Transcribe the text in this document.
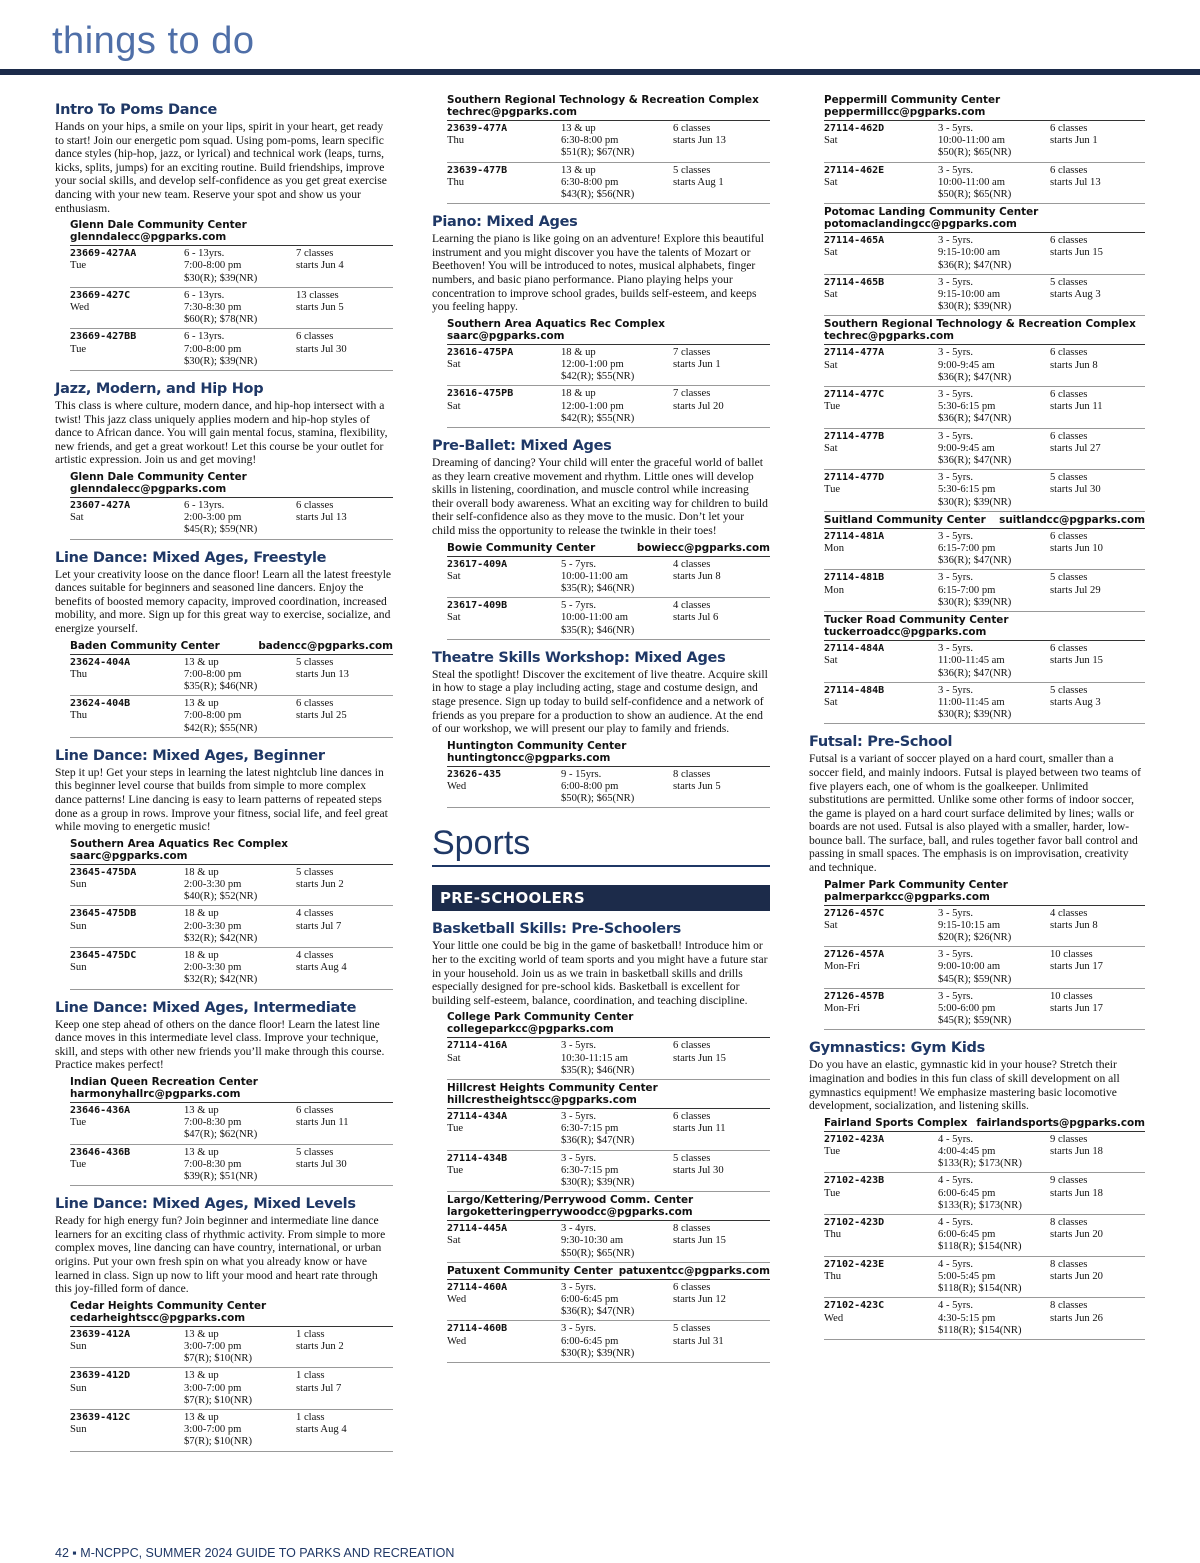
things to do
Intro To Poms Dance

Hands on your hips, a smile on your lips, spirit in your heart, get ready to start! Join our energetic pom squad. Using pom-poms, learn specific dance styles (hip-hop, jazz, or lyrical) and technical work (leaps, turns, kicks, splits, jumps) for an exciting routine. Build friendships, improve your social skills, and develop self-confidence as you get great exercise dancing with your new team. Reserve your spot and show us your enthusiasm.

Glenn Dale Community Center
glenndalecc@pgparks.com
23669-427AA
Tue
6 - 13yrs.
7:00-8:00 pm
$30(R); $39(NR)
7 classes
starts Jun 4
23669-427C
Wed
6 - 13yrs.
7:30-8:30 pm
$60(R); $78(NR)
13 classes
starts Jun 5
23669-427BB
Tue
6 - 13yrs.
7:00-8:00 pm
$30(R); $39(NR)
6 classes
starts Jul 30
Jazz, Modern, and Hip Hop

This class is where culture, modern dance, and hip-hop intersect with a twist! This jazz class uniquely applies modern and hip-hop styles of dance to African dance. You will gain mental focus, stamina, flexibility, new friends, and get a great workout! Let this course be your outlet for artistic expression. Join us and get moving!

Glenn Dale Community Center
glenndalecc@pgparks.com
23607-427A
Sat
6 - 13yrs.
2:00-3:00 pm
$45(R); $59(NR)
6 classes
starts Jul 13
Line Dance: Mixed Ages, Freestyle

Let your creativity loose on the dance floor! Learn all the latest freestyle dances suitable for beginners and seasoned line dancers. Enjoy the benefits of boosted memory capacity, improved coordination, increased mobility, and more. Sign up for this great way to exercise, socialize, and energize yourself.

Baden Community Center	badencc@pgparks.com
23624-404A
Thu
13 & up
7:00-8:00 pm
$35(R); $46(NR)
5 classes
starts Jun 13
23624-404B
Thu
13 & up
7:00-8:00 pm
$42(R); $55(NR)
6 classes
starts Jul 25
Line Dance: Mixed Ages, Beginner

Step it up! Get your steps in learning the latest nightclub line dances in this beginner level course that builds from simple to more complex dance patterns! Line dancing is easy to learn patterns of repeated steps done as a group in rows. Improve your fitness, social life, and feel great while moving to energetic music!

Southern Area Aquatics Rec Complex
saarc@pgparks.com
23645-475DA
Sun
18 & up
2:00-3:30 pm
$40(R); $52(NR)
5 classes
starts Jun 2
23645-475DB
Sun
18 & up
2:00-3:30 pm
$32(R); $42(NR)
4 classes
starts Jul 7
23645-475DC
Sun
18 & up
2:00-3:30 pm
$32(R); $42(NR)
4 classes
starts Aug 4
Line Dance: Mixed Ages, Intermediate

Keep one step ahead of others on the dance floor! Learn the latest line dance moves in this intermediate level class. Improve your technique, skill, and steps with other new friends you’ll make through this course. Practice makes perfect!

Indian Queen Recreation Center
harmonyhallrc@pgparks.com
23646-436A
Tue
13 & up
7:00-8:30 pm
$47(R); $62(NR)
6 classes
starts Jun 11
23646-436B
Tue
13 & up
7:00-8:30 pm
$39(R); $51(NR)
5 classes
starts Jul 30
Line Dance: Mixed Ages, Mixed Levels

Ready for high energy fun? Join beginner and intermediate line dance learners for an exciting class of rhythmic activity. From simple to more complex moves, line dancing can have country, international, or urban origins. Put your own fresh spin on what you already know or have learned in class. Sign up now to lift your mood and heart rate through this joy-filled form of dance.

Cedar Heights Community Center
cedarheightscc@pgparks.com
23639-412A
Sun
13 & up
3:00-7:00 pm
$7(R); $10(NR)
1 class
starts Jun 2
23639-412D
Sun
13 & up
3:00-7:00 pm
$7(R); $10(NR)
1 class
starts Jul 7
23639-412C
Sun
13 & up
3:00-7:00 pm
$7(R); $10(NR)
1 class
starts Aug 4
Southern Regional Technology & Recreation Complex
techrec@pgparks.com
23639-477A
Thu
13 & up
6:30-8:00 pm
$51(R); $67(NR)
6 classes
starts Jun 13
23639-477B
Thu
13 & up
6:30-8:00 pm
$43(R); $56(NR)
5 classes
starts Aug 1
Piano: Mixed Ages

Learning the piano is like going on an adventure! Explore this beautiful instrument and you might discover you have the talents of Mozart or Beethoven! You will be introduced to notes, musical alphabets, finger numbers, and basic piano performance. Piano playing helps your concentration to improve school grades, builds self-esteem, and keeps you feeling happy.

Southern Area Aquatics Rec Complex
saarc@pgparks.com
23616-475PA
Sat
18 & up
12:00-1:00 pm
$42(R); $55(NR)
7 classes
starts Jun 1
23616-475PB
Sat
18 & up
12:00-1:00 pm
$42(R); $55(NR)
7 classes
starts Jul 20
Pre-Ballet: Mixed Ages

Dreaming of dancing? Your child will enter the graceful world of ballet as they learn creative movement and rhythm. Little ones will develop skills in listening, coordination, and muscle control while increasing their overall body awareness. What an exciting way for children to build their self-confidence also as they move to the music. Don’t let your child miss the opportunity to release the twinkle in their toes!

Bowie Community Center	bowiecc@pgparks.com
23617-409A
Sat
5 - 7yrs.
10:00-11:00 am
$35(R); $46(NR)
4 classes
starts Jun 8
23617-409B
Sat
5 - 7yrs.
10:00-11:00 am
$35(R); $46(NR)
4 classes
starts Jul 6
Theatre Skills Workshop: Mixed Ages

Steal the spotlight! Discover the excitement of live theatre. Acquire skill in how to stage a play including acting, stage and costume design, and stage presence. Sign up today to build self-confidence and a network of friends as you prepare for a production to show an audience. At the end of our workshop, we will present our play to family and friends.

Huntington Community Center
huntingtoncc@pgparks.com
23626-435
Wed
9 - 15yrs.
6:00-8:00 pm
$50(R); $65(NR)
8 classes
starts Jun 5
Sports
PRE-SCHOOLERS
Basketball Skills: Pre-Schoolers

Your little one could be big in the game of basketball! Introduce him or her to the exciting world of team sports and you might have a future star in your household. Join us as we train in basketball skills and drills especially designed for pre-school kids. Basketball is excellent for building self-esteem, balance, coordination, and teaching discipline.

College Park Community Center
collegeparkcc@pgparks.com
27114-416A
Sat
3 - 5yrs.
10:30-11:15 am
$35(R); $46(NR)
6 classes
starts Jun 15
Hillcrest Heights Community Center
hillcrestheightscc@pgparks.com
27114-434A
Tue
3 - 5yrs.
6:30-7:15 pm
$36(R); $47(NR)
6 classes
starts Jun 11
27114-434B
Tue
3 - 5yrs.
6:30-7:15 pm
$30(R); $39(NR)
5 classes
starts Jul 30
Largo/Kettering/Perrywood Comm. Center
largoketteringperrywoodcc@pgparks.com
27114-445A
Sat
3 - 4yrs.
9:30-10:30 am
$50(R); $65(NR)
8 classes
starts Jun 15
Patuxent Community Center patuxentcc@pgparks.com
27114-460A
Wed
3 - 5yrs.
6:00-6:45 pm
$36(R); $47(NR)
6 classes
starts Jun 12
27114-460B
Wed
3 - 5yrs.
6:00-6:45 pm
$30(R); $39(NR)
5 classes
starts Jul 31
Peppermill Community Center
peppermillcc@pgparks.com
27114-462D
Sat
3 - 5yrs.
10:00-11:00 am
$50(R); $65(NR)
6 classes
starts Jun 1
27114-462E
Sat
3 - 5yrs.
10:00-11:00 am
$50(R); $65(NR)
6 classes
starts Jul 13
Potomac Landing Community Center
potomaclandingcc@pgparks.com
27114-465A
Sat
3 - 5yrs.
9:15-10:00 am
$36(R); $47(NR)
6 classes
starts Jun 15
27114-465B
Sat
3 - 5yrs.
9:15-10:00 am
$30(R); $39(NR)
5 classes
starts Aug 3
Southern Regional Technology & Recreation Complex
techrec@pgparks.com
27114-477A
Sat
3 - 5yrs.
9:00-9:45 am
$36(R); $47(NR)
6 classes
starts Jun 8
27114-477C
Tue
3 - 5yrs.
5:30-6:15 pm
$36(R); $47(NR)
6 classes
starts Jun 11
27114-477B
Sat
3 - 5yrs.
9:00-9:45 am
$36(R); $47(NR)
6 classes
starts Jul 27
27114-477D
Tue
3 - 5yrs.
5:30-6:15 pm
$30(R); $39(NR)
5 classes
starts Jul 30
Suitland Community Center suitlandcc@pgparks.com
27114-481A
Mon
3 - 5yrs.
6:15-7:00 pm
$36(R); $47(NR)
6 classes
starts Jun 10
27114-481B
Mon
3 - 5yrs.
6:15-7:00 pm
$30(R); $39(NR)
5 classes
starts Jul 29
Tucker Road Community Center
tuckerroadcc@pgparks.com
27114-484A
Sat
3 - 5yrs.
11:00-11:45 am
$36(R); $47(NR)
6 classes
starts Jun 15
27114-484B
Sat
3 - 5yrs.
11:00-11:45 am
$30(R); $39(NR)
5 classes
starts Aug 3
Futsal: Pre-School

Futsal is a variant of soccer played on a hard court, smaller than a soccer field, and mainly indoors. Futsal is played between two teams of five players each, one of whom is the goalkeeper. Unlimited substitutions are permitted. Unlike some other forms of indoor soccer, the game is played on a hard court surface delimited by lines; walls or boards are not used. Futsal is also played with a smaller, harder, low-bounce ball. The surface, ball, and rules together favor ball control and passing in small spaces. The emphasis is on improvisation, creativity and technique.

Palmer Park Community Center
palmerparkcc@pgparks.com
27126-457C
Sat
3 - 5yrs.
9:15-10:15 am
$20(R); $26(NR)
4 classes
starts Jun 8
27126-457A
Mon-Fri
3 - 5yrs.
9:00-10:00 am
$45(R); $59(NR)
10 classes
starts Jun 17
27126-457B
Mon-Fri
3 - 5yrs.
5:00-6:00 pm
$45(R); $59(NR)
10 classes
starts Jun 17
Gymnastics: Gym Kids

Do you have an elastic, gymnastic kid in your house? Stretch their imagination and bodies in this fun class of skill development on all gymnastics equipment! We emphasize mastering basic locomotive development, socialization, and listening skills.

Fairland Sports Complex fairlandsports@pgparks.com
27102-423A
Tue
4 - 5yrs.
4:00-4:45 pm
$133(R); $173(NR)
9 classes
starts Jun 18
27102-423B
Tue
4 - 5yrs.
6:00-6:45 pm
$133(R); $173(NR)
9 classes
starts Jun 18
27102-423D
Thu
4 - 5yrs.
6:00-6:45 pm
$118(R); $154(NR)
8 classes
starts Jun 20
27102-423E
Thu
4 - 5yrs.
5:00-5:45 pm
$118(R); $154(NR)
8 classes
starts Jun 20
27102-423C
Wed
4 - 5yrs.
4:30-5:15 pm
$118(R); $154(NR)
8 classes
starts Jun 26
42 ▪ M-NCPPC, SUMMER 2024 GUIDE TO PARKS AND RECREATION
